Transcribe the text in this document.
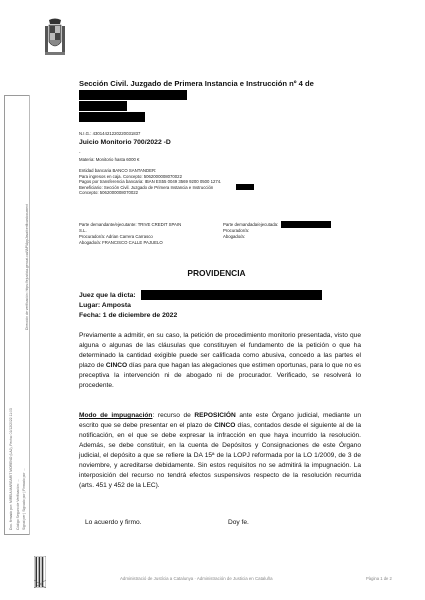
Doc. firmado por: MIREIA MARGARIT MORENO (LAJ), Fecha: 01/12/2022 11:03 Código Seguro de Verificación: … Signat per | Signado por | Firmado por …
Dirección de verificación: https://ejusticia.gencat.cat/IAP/AppJava/verificardocument
Sección Civil. Juzgado de Primera Instancia e Instrucción nº 4 de
N.I.G.: 43014421220220031837
Juicio Monitorio 700/2022 -D
-
Materia: Monitorio hasta 6000 €
Entidad bancaria BANCO SANTANDER:
Para ingresos en caja. Concepto: 5062000008070022
Pagos por transferencia bancaria: IBAN ES55 0049 3569 9200 0500 1274.
Beneficiario: Sección Civil. Juzgado de Primera Instancia e Instrucción
Concepto: 5062000008070022
Parte demandante/ejecutante: TRIVE CREDIT SPAIN
S.L.
Procurador/a: Adrian Carrera Carrasco
Abogado/a: FRANCISCO CALLE PAJUELO
Parte demandada/ejecutada:
Procurador/a:
Abogado/a:
PROVIDENCIA
Juez que la dicta:
Lugar: Amposta
Fecha: 1 de diciembre de 2022
Previamente a admitir, en su caso, la petición de procedimiento monitorio presentada, visto que alguna o algunas de las cláusulas que constituyen el fundamento de la petición o que ha determinado la cantidad exigible puede ser calificada como abusiva, concedo a las partes el plazo de CINCO días para que hagan las alegaciones que estimen oportunas, para lo que no es preceptiva la intervención ni de abogado ni de procurador. Verificado, se resolverá lo procedente.
Modo de impugnación: recurso de REPOSICIÓN ante este Órgano judicial, mediante un escrito que se debe presentar en el plazo de CINCO días, contados desde el siguiente al de la notificación, en el que se debe expresar la infracción en que haya incurrido la resolución. Además, se debe constituir, en la cuenta de Depósitos y Consignaciones de este Órgano judicial, el depósito a que se refiere la DA 15ª de la LOPJ reformada por la LO 1/2009, de 3 de noviembre, y acreditarse debidamente. Sin estos requisitos no se admitirá la impugnación. La interposición del recurso no tendrá efectos suspensivos respecto de la resolución recurrida (arts. 451 y 452 de la LEC).
Lo acuerdo y firmo.	Doy fe.
Administració de Justícia a Catalunya · Administración de Justicia en Cataluña	Pàgina 1 de 2
